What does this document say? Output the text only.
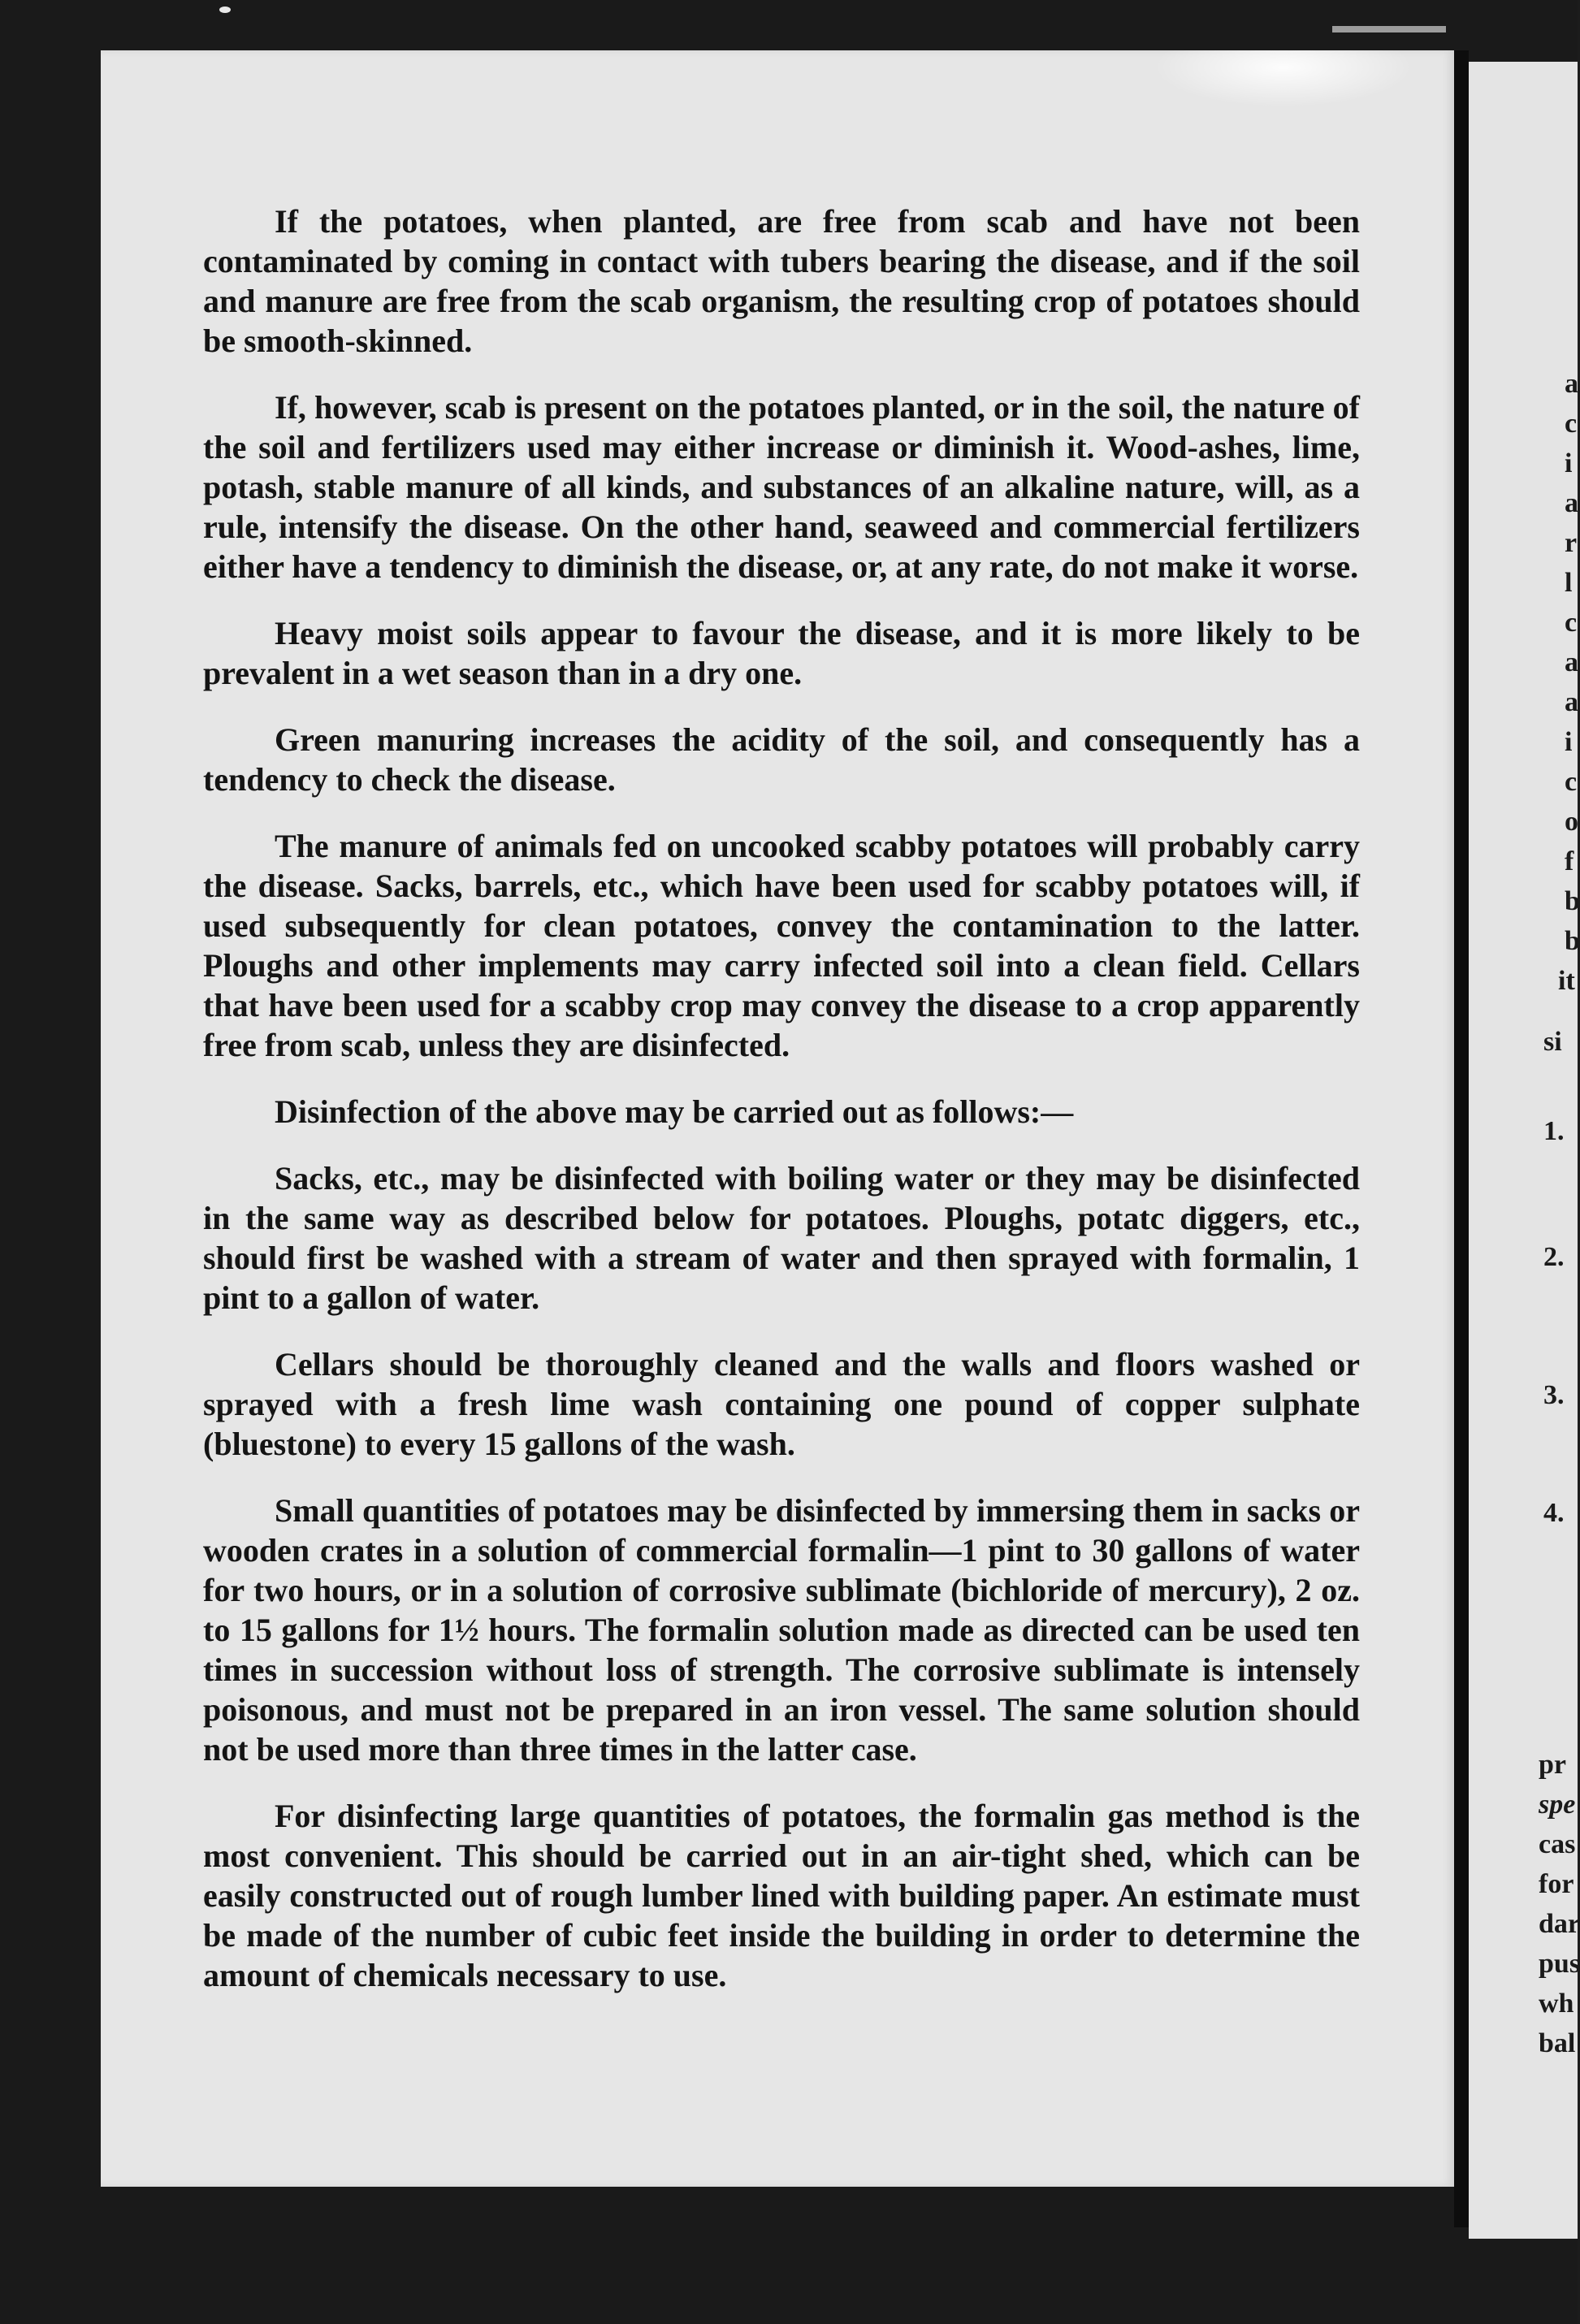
If the potatoes, when planted, are free from scab and have not been contaminated by coming in contact with tubers bearing the disease, and if the soil and manure are free from the scab organism, the resulting crop of potatoes should be smooth-skinned.

If, however, scab is present on the potatoes planted, or in the soil, the nature of the soil and fertilizers used may either increase or diminish it. Wood-ashes, lime, potash, stable manure of all kinds, and substances of an alkaline nature, will, as a rule, intensify the disease. On the other hand, seaweed and commercial fertilizers either have a tendency to diminish the disease, or, at any rate, do not make it worse.

Heavy moist soils appear to favour the disease, and it is more likely to be prevalent in a wet season than in a dry one.

Green manuring increases the acidity of the soil, and consequently has a tendency to check the disease.

The manure of animals fed on uncooked scabby potatoes will probably carry the disease. Sacks, barrels, etc., which have been used for scabby potatoes will, if used subsequently for clean potatoes, convey the contamination to the latter. Ploughs and other implements may carry infected soil into a clean field. Cellars that have been used for a scabby crop may convey the disease to a crop apparently free from scab, unless they are disinfected.

Disinfection of the above may be carried out as follows:—

Sacks, etc., may be disinfected with boiling water or they may be disinfected in the same way as described below for potatoes. Ploughs, potatc diggers, etc., should first be washed with a stream of water and then sprayed with formalin, 1 pint to a gallon of water.

Cellars should be thoroughly cleaned and the walls and floors washed or sprayed with a fresh lime wash containing one pound of copper sulphate (bluestone) to every 15 gallons of the wash.

Small quantities of potatoes may be disinfected by immersing them in sacks or wooden crates in a solution of commercial formalin—1 pint to 30 gallons of water for two hours, or in a solution of corrosive sublimate (bichloride of mercury), 2 oz. to 15 gallons for 1½ hours. The formalin solution made as directed can be used ten times in succession without loss of strength. The corrosive sublimate is intensely poisonous, and must not be prepared in an iron vessel. The same solution should not be used more than three times in the latter case.

For disinfecting large quantities of potatoes, the formalin gas method is the most convenient. This should be carried out in an air-tight shed, which can be easily constructed out of rough lumber lined with building paper. An estimate must be made of the number of cubic feet inside the building in order to determine the amount of chemicals necessary to use.

a
c
i
a
r
l
c
a
a
i
c
o
f
b
b
it
si
1.
2.
3.
4.
pr
spe
cas
for
dar
pus
wh
bal
